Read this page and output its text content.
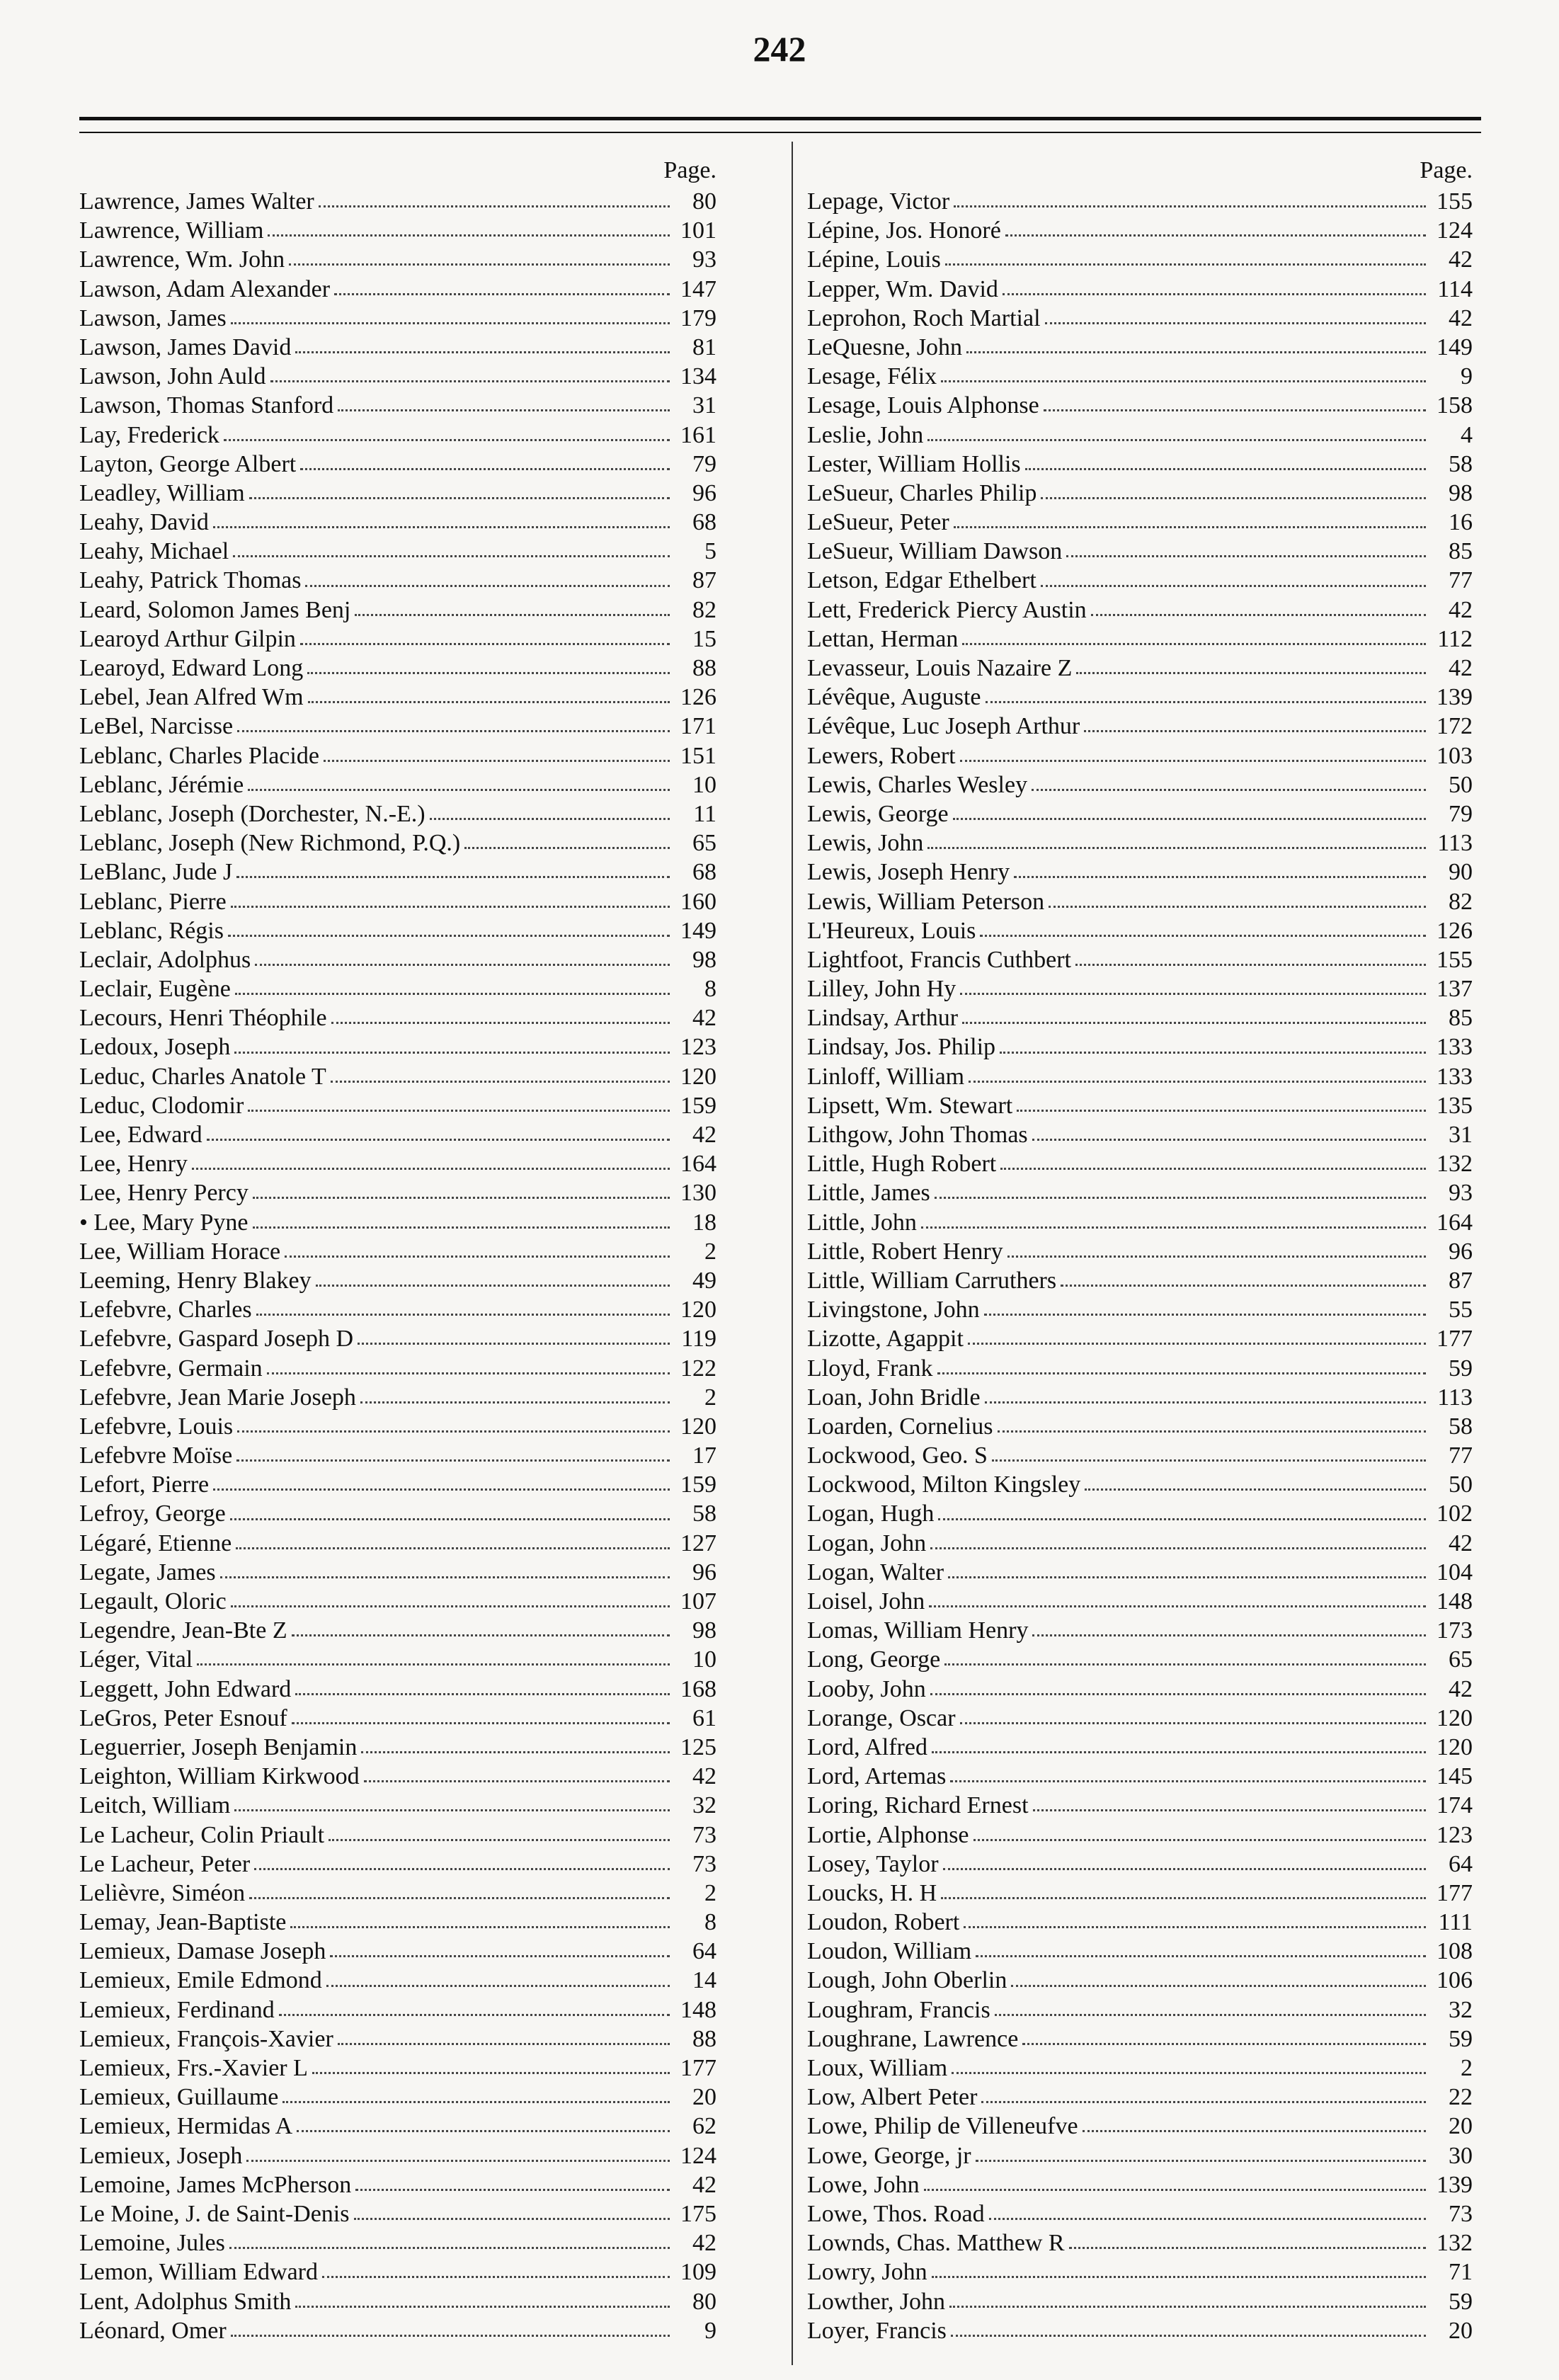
242
Page.
Lawrence, James Walter	80
Lawrence, William	101
Lawrence, Wm. John	93
Lawson, Adam Alexander	147
Lawson, James	179
Lawson, James David	81
Lawson, John Auld	134
Lawson, Thomas Stanford	31
Lay, Frederick	161
Layton, George Albert	79
Leadley, William	96
Leahy, David	68
Leahy, Michael	5
Leahy, Patrick Thomas	87
Leard, Solomon James Benj	82
Learoyd Arthur Gilpin	15
Learoyd, Edward Long	88
Lebel, Jean Alfred Wm	126
LeBel, Narcisse	171
Leblanc, Charles Placide	151
Leblanc, Jérémie	10
Leblanc, Joseph (Dorchester, N.-E.)	11
Leblanc, Joseph (New Richmond, P.Q.)	65
LeBlanc, Jude J	68
Leblanc, Pierre	160
Leblanc, Régis	149
Leclair, Adolphus	98
Leclair, Eugène	8
Lecours, Henri Théophile	42
Ledoux, Joseph	123
Leduc, Charles Anatole T	120
Leduc, Clodomir	159
Lee, Edward	42
Lee, Henry	164
Lee, Henry Percy	130
• Lee, Mary Pyne	18
Lee, William Horace	2
Leeming, Henry Blakey	49
Lefebvre, Charles	120
Lefebvre, Gaspard Joseph D	119
Lefebvre, Germain	122
Lefebvre, Jean Marie Joseph	2
Lefebvre, Louis	120
Lefebvre Moïse	17
Lefort, Pierre	159
Lefroy, George	58
Légaré, Etienne	127
Legate, James	96
Legault, Oloric	107
Legendre, Jean-Bte Z	98
Léger, Vital	10
Leggett, John Edward	168
LeGros, Peter Esnouf	61
Leguerrier, Joseph Benjamin	125
Leighton, William Kirkwood	42
Leitch, William	32
Le Lacheur, Colin Priault	73
Le Lacheur, Peter	73
Lelièvre, Siméon	2
Lemay, Jean-Baptiste	8
Lemieux, Damase Joseph	64
Lemieux, Emile Edmond	14
Lemieux, Ferdinand	148
Lemieux, François-Xavier	88
Lemieux, Frs.-Xavier L	177
Lemieux, Guillaume	20
Lemieux, Hermidas A	62
Lemieux, Joseph	124
Lemoine, James McPherson	42
Le Moine, J. de Saint-Denis	175
Lemoine, Jules	42
Lemon, William Edward	109
Lent, Adolphus Smith	80
Léonard, Omer	9
Page.
Lepage, Victor	155
Lépine, Jos. Honoré	124
Lépine, Louis	42
Lepper, Wm. David	114
Leprohon, Roch Martial	42
LeQuesne, John	149
Lesage, Félix	9
Lesage, Louis Alphonse	158
Leslie, John	4
Lester, William Hollis	58
LeSueur, Charles Philip	98
LeSueur, Peter	16
LeSueur, William Dawson	85
Letson, Edgar Ethelbert	77
Lett, Frederick Piercy Austin	42
Lettan, Herman	112
Levasseur, Louis Nazaire Z	42
Lévêque, Auguste	139
Lévêque, Luc Joseph Arthur	172
Lewers, Robert	103
Lewis, Charles Wesley	50
Lewis, George	79
Lewis, John	113
Lewis, Joseph Henry	90
Lewis, William Peterson	82
L'Heureux, Louis	126
Lightfoot, Francis Cuthbert	155
Lilley, John Hy	137
Lindsay, Arthur	85
Lindsay, Jos. Philip	133
Linloff, William	133
Lipsett, Wm. Stewart	135
Lithgow, John Thomas	31
Little, Hugh Robert	132
Little, James	93
Little, John	164
Little, Robert Henry	96
Little, William Carruthers	87
Livingstone, John	55
Lizotte, Agappit	177
Lloyd, Frank	59
Loan, John Bridle	113
Loarden, Cornelius	58
Lockwood, Geo. S	77
Lockwood, Milton Kingsley	50
Logan, Hugh	102
Logan, John	42
Logan, Walter	104
Loisel, John	148
Lomas, William Henry	173
Long, George	65
Looby, John	42
Lorange, Oscar	120
Lord, Alfred	120
Lord, Artemas	145
Loring, Richard Ernest	174
Lortie, Alphonse	123
Losey, Taylor	64
Loucks, H. H	177
Loudon, Robert	111
Loudon, William	108
Lough, John Oberlin	106
Loughram, Francis	32
Loughrane, Lawrence	59
Loux, William	2
Low, Albert Peter	22
Lowe, Philip de Villeneufve	20
Lowe, George, jr	30
Lowe, John	139
Lowe, Thos. Road	73
Lownds, Chas. Matthew R	132
Lowry, John	71
Lowther, John	59
Loyer, Francis	20
